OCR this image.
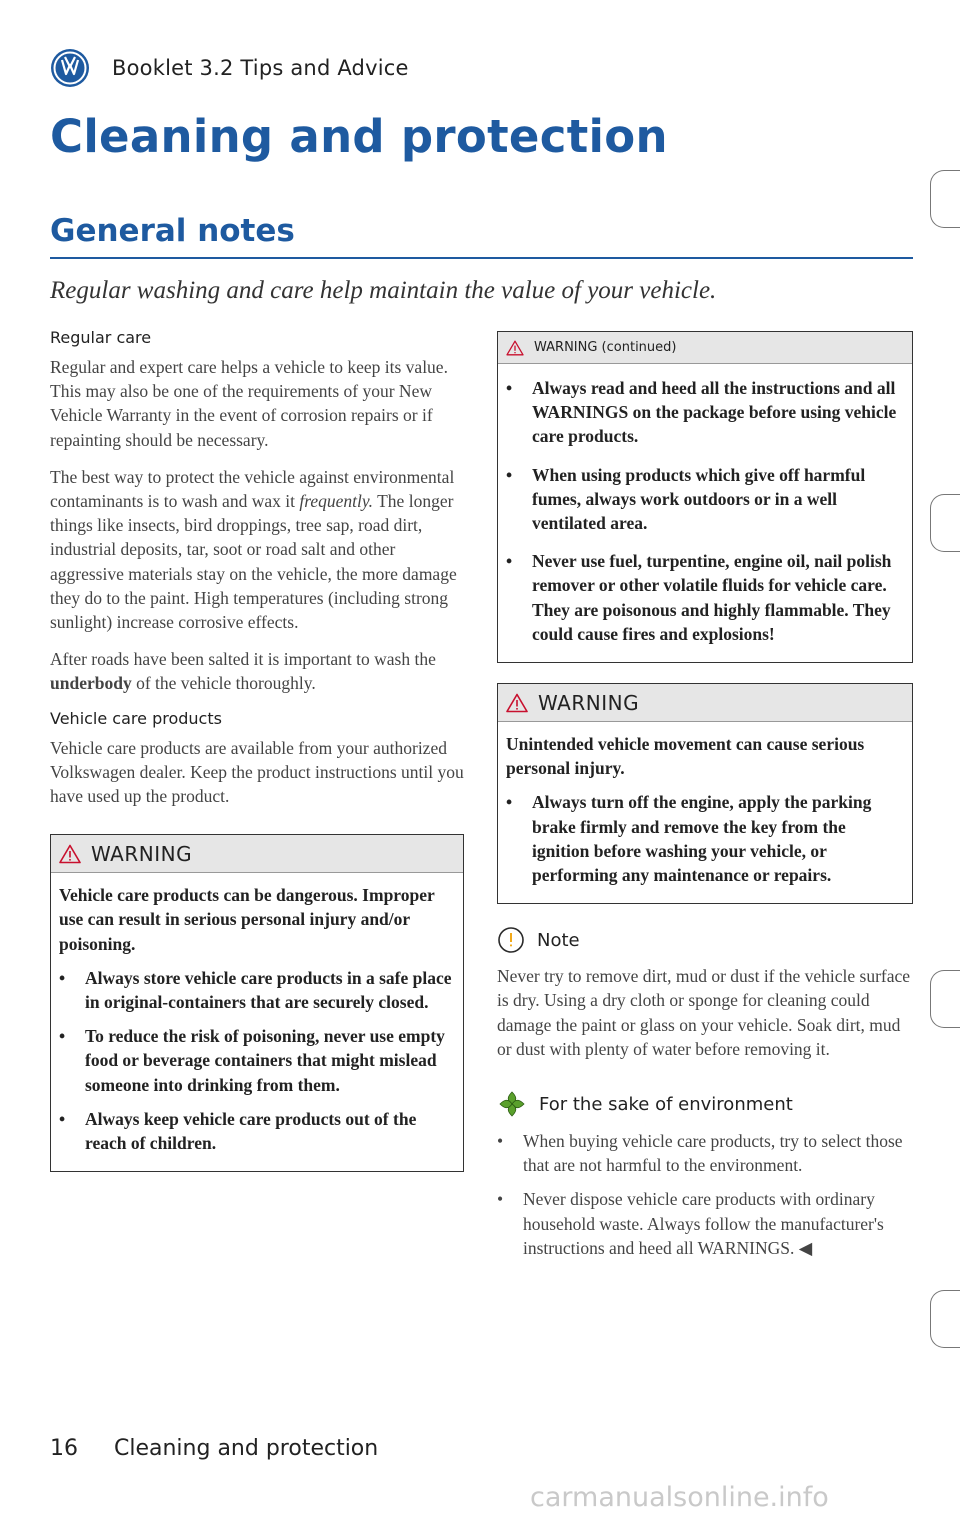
Booklet 3.2 Tips and Advice
Cleaning and protection
General notes

Regular washing and care help maintain the value of your vehicle.

Regular care

Regular and expert care helps a vehicle to keep its value. This may also be one of the requirements of your New Vehicle Warranty in the event of corrosion repairs or if repainting should be necessary.

The best way to protect the vehicle against environmental contaminants is to wash and wax it frequently. The longer things like insects, bird droppings, tree sap, road dirt, industrial deposits, tar, soot or road salt and other aggressive materials stay on the vehicle, the more damage they do to the paint. High temperatures (including strong sunlight) increase corrosive effects.

After roads have been salted it is important to wash the underbody of the vehicle thoroughly.

Vehicle care products

Vehicle care products are available from your authorized Volkswagen dealer. Keep the product instructions until you have used up the product.

WARNING

Vehicle care products can be dangerous. Improper use can result in serious personal injury and/or poisoning.

•	Always store vehicle care products in a safe place in original-containers that are securely closed.
•	To reduce the risk of poisoning, never use empty food or beverage containers that might mislead someone into drinking from them.
•	Always keep vehicle care products out of the reach of children.
WARNING (continued)
•	Always read and heed all the instructions and all WARNINGS on the package before using vehicle care products.
•	When using products which give off harmful fumes, always work outdoors or in a well ventilated area.
•	Never use fuel, turpentine, engine oil, nail polish remover or other volatile fluids for vehicle care. They are poisonous and highly flammable. They could cause fires and explosions!
WARNING

Unintended vehicle movement can cause serious personal injury.

•	Always turn off the engine, apply the parking brake firmly and remove the key from the ignition before washing your vehicle, or performing any maintenance or repairs.
Note

Never try to remove dirt, mud or dust if the vehicle surface is dry. Using a dry cloth or sponge for cleaning could damage the paint or glass on your vehicle. Soak dirt, mud or dust with plenty of water before removing it.

For the sake of environment
•	When buying vehicle care products, try to select those that are not harmful to the environment.
•	Never dispose vehicle care products with ordinary household waste. Always follow the manufacturer's instructions and heed all WARNINGS. ◀
16 Cleaning and protection
carmanualsonline.info
